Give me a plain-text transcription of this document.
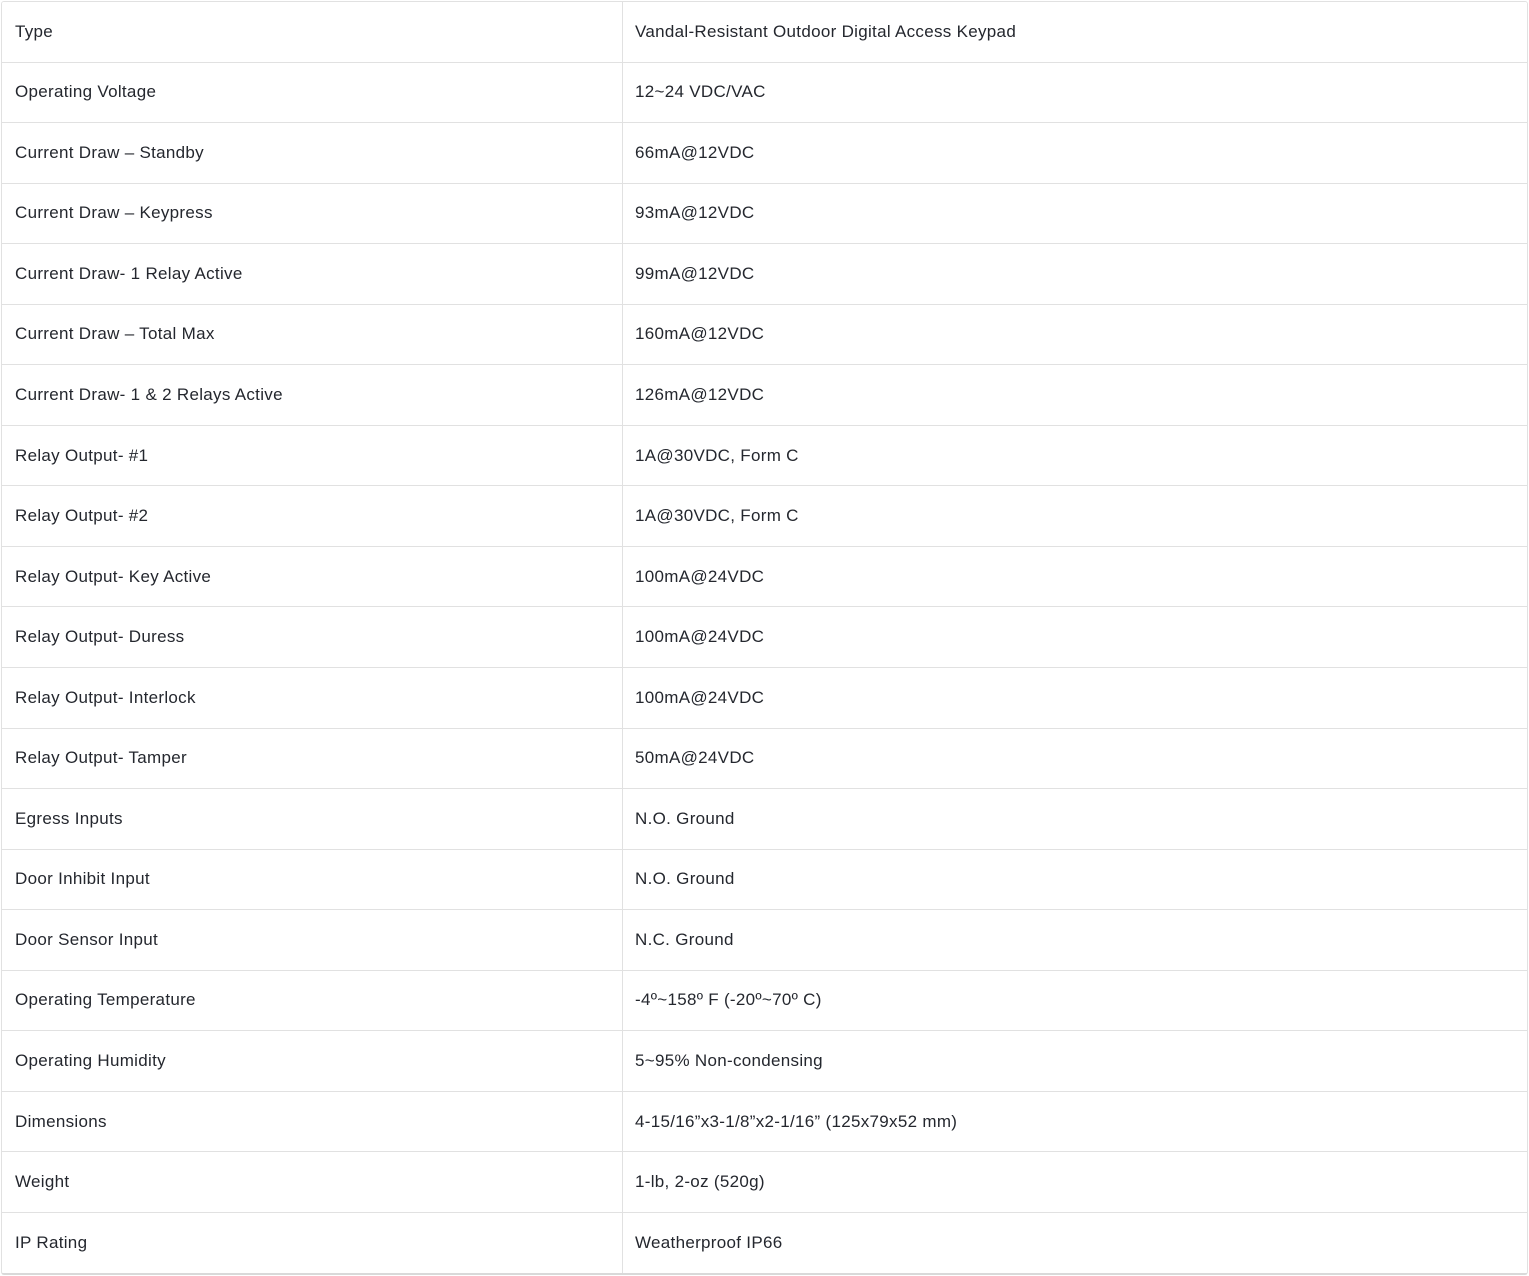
Type	Vandal-Resistant Outdoor Digital Access Keypad
Operating Voltage	12~24 VDC/VAC
Current Draw – Standby	66mA@12VDC
Current Draw – Keypress	93mA@12VDC
Current Draw- 1 Relay Active	99mA@12VDC
Current Draw – Total Max	160mA@12VDC
Current Draw- 1 & 2 Relays Active	126mA@12VDC
Relay Output- #1	1A@30VDC, Form C
Relay Output- #2	1A@30VDC, Form C
Relay Output- Key Active	100mA@24VDC
Relay Output- Duress	100mA@24VDC
Relay Output- Interlock	100mA@24VDC
Relay Output- Tamper	50mA@24VDC
Egress Inputs	N.O. Ground
Door Inhibit Input	N.O. Ground
Door Sensor Input	N.C. Ground
Operating Temperature	-4º~158º F (-20º~70º C)
Operating Humidity	5~95% Non-condensing
Dimensions	4-15/16”x3-1/8”x2-1/16” (125x79x52 mm)
Weight	1-lb, 2-oz (520g)
IP Rating	Weatherproof IP66
